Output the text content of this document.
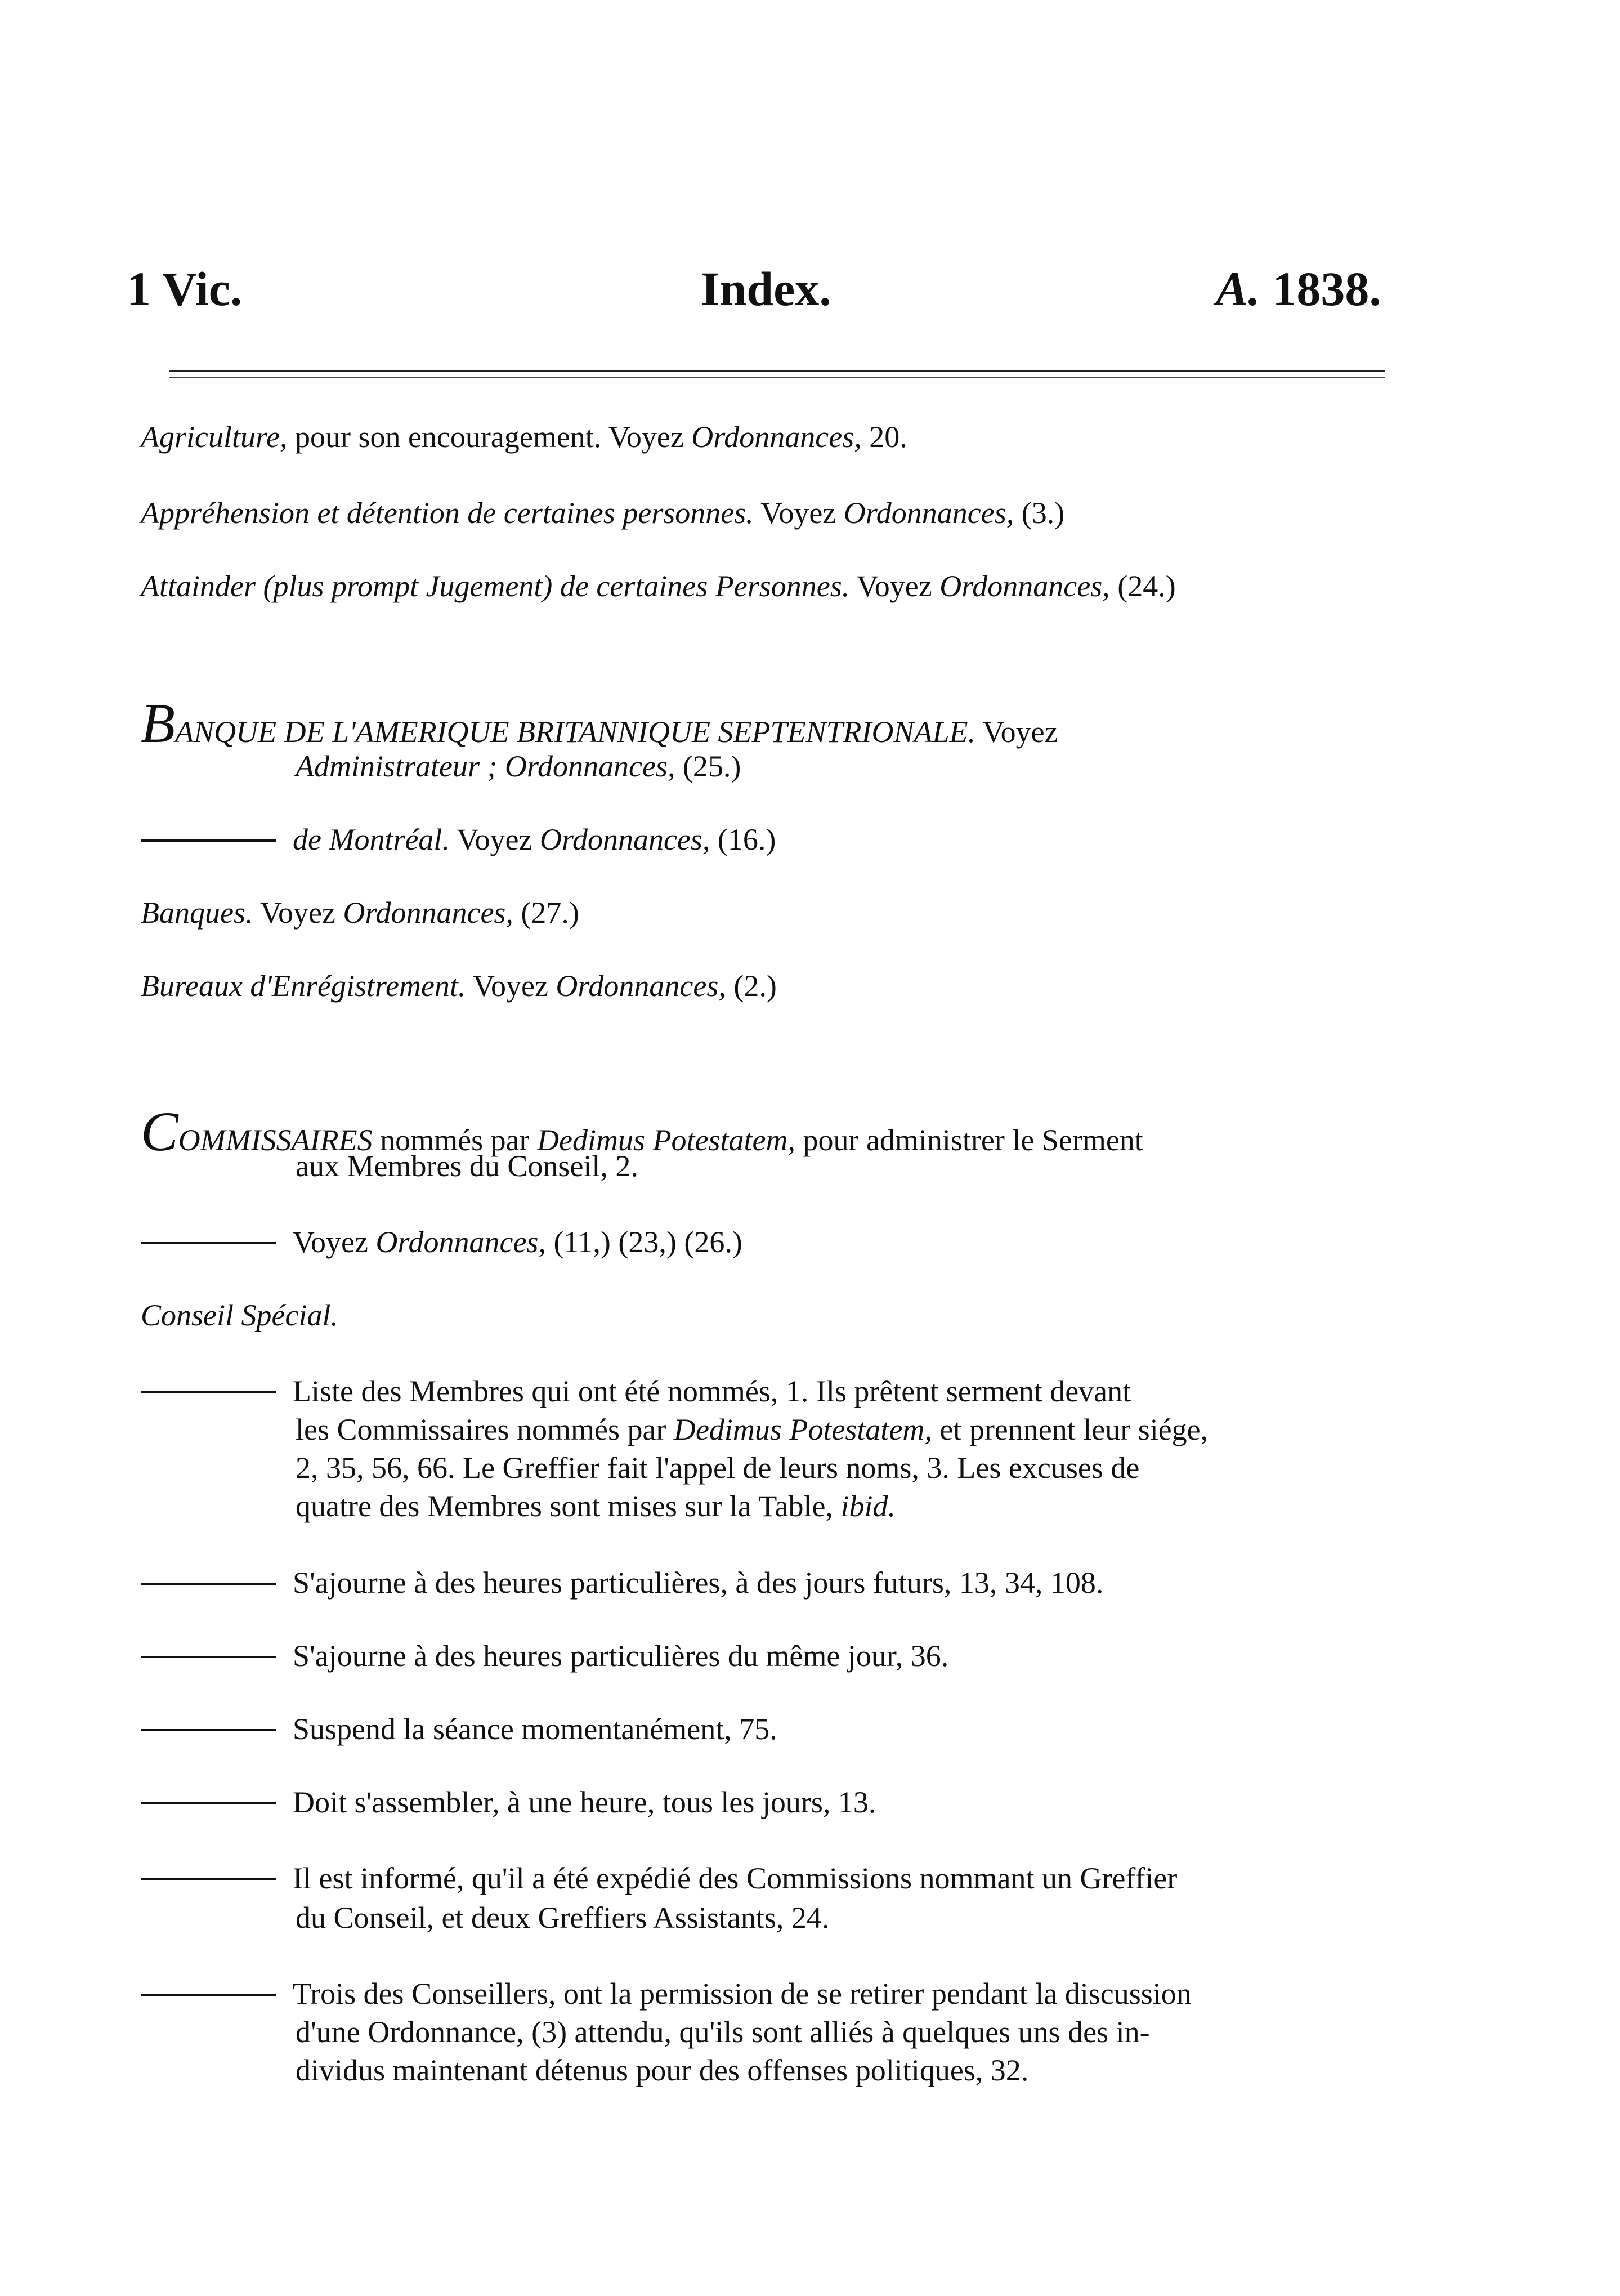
1 Vic.	Index.	A. 1838.
Agriculture, pour son encouragement. Voyez Ordonnances, 20.
Appréhension et détention de certaines personnes. Voyez Ordonnances, (3.)
Attainder (plus prompt Jugement) de certaines Personnes. Voyez Ordonnances, (24.)
BANQUE DE L'AMERIQUE BRITANNIQUE SEPTENTRIONALE. Voyez
Administrateur ; Ordonnances, (25.)
de Montréal. Voyez Ordonnances, (16.)
Banques. Voyez Ordonnances, (27.)
Bureaux d'Enrégistrement. Voyez Ordonnances, (2.)
COMMISSAIRES nommés par Dedimus Potestatem, pour administrer le Serment
aux Membres du Conseil, 2.
Voyez Ordonnances, (11,) (23,) (26.)
Conseil Spécial.
Liste des Membres qui ont été nommés, 1. Ils prêtent serment devant
les Commissaires nommés par Dedimus Potestatem, et prennent leur siége,
2, 35, 56, 66. Le Greffier fait l'appel de leurs noms, 3. Les excuses de
quatre des Membres sont mises sur la Table, ibid.
S'ajourne à des heures particulières, à des jours futurs, 13, 34, 108.
S'ajourne à des heures particulières du même jour, 36.
Suspend la séance momentanément, 75.
Doit s'assembler, à une heure, tous les jours, 13.
Il est informé, qu'il a été expédié des Commissions nommant un Greffier
du Conseil, et deux Greffiers Assistants, 24.
Trois des Conseillers, ont la permission de se retirer pendant la discussion
d'une Ordonnance, (3) attendu, qu'ils sont alliés à quelques uns des in-
dividus maintenant détenus pour des offenses politiques, 32.
